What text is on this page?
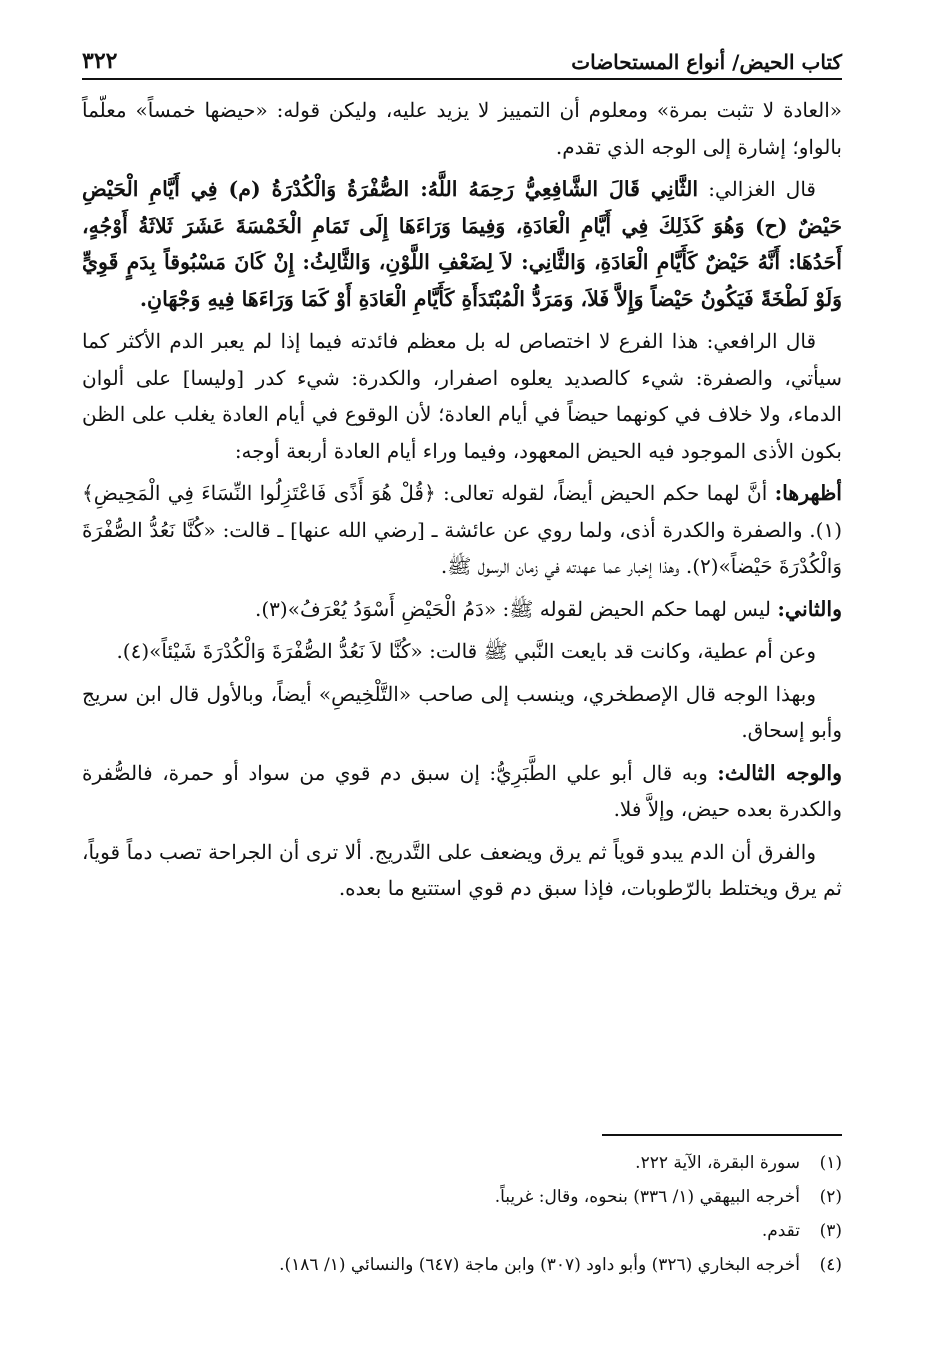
كتاب الحيض/ أنواع المستحاضات
٣٢٢

«العادة لا تثبت بمرة» ومعلوم أن التمييز لا يزيد عليه، وليكن قوله: «حيضها خمساً» معلّماً بالواو؛ إشارة إلى الوجه الذي تقدم.

قال الغزالي: الثَّانِي قَالَ الشَّافِعِيُّ رَحِمَهُ اللَّهُ: الصُّفْرَةُ وَالْكُدْرَةُ (م) فِي أَيَّامِ الْحَيْضِ حَيْضٌ (ح) وَهُوَ كَذَلِكَ فِي أَيَّامِ الْعَادَةِ، وَفِيمَا وَرَاءَهَا إِلَى تَمَامِ الْخَمْسَةَ عَشَرَ ثَلاثَةُ أَوْجُهٍ، أَحَدُهَا: أَنَّهُ حَيْضٌ كَأَيَّامِ الْعَادَةِ، وَالثَّانِي: لاَ لِضَعْفِ اللَّوْنِ، وَالثَّالِثُ: إِنْ كَانَ مَسْبُوقاً بِدَمٍ قَوِيٍّ وَلَوْ لَطْخَةً فَيَكُونُ حَيْضاً وَإِلاَّ فَلاَ، وَمَرَدُّ الْمُبْتَدَأَةِ كَأَيَّامِ الْعَادَةِ أَوْ كَمَا وَرَاءَهَا فِيهِ وَجْهَانِ.

قال الرافعي: هذا الفرع لا اختصاص له بل معظم فائدته فيما إذا لم يعبر الدم الأكثر كما سيأتي، والصفرة: شيء كالصديد يعلوه اصفرار، والكدرة: شيء كدر [وليسا] على ألوان الدماء، ولا خلاف في كونهما حيضاً في أيام العادة؛ لأن الوقوع في أيام العادة يغلب على الظن بكون الأذى الموجود فيه الحيض المعهود، وفيما وراء أيام العادة أربعة أوجه:

أظهرها: أنَّ لهما حكم الحيض أيضاً، لقوله تعالى: ﴿قُلْ هُوَ أَذًى فَاعْتَزِلُوا النِّسَاءَ فِي الْمَحِيضِ﴾(١). والصفرة والكدرة أذى، ولما روي عن عائشة ـ [رضي الله عنها] ـ قالت: «كُنَّا نَعُدُّ الصُّفْرَةَ وَالْكُدْرَةَ حَيْضاً»(٢). وهذا إخبار عما عهدته في زمان الرسول ﷺ.

والثاني: ليس لهما حكم الحيض لقوله ﷺ: «دَمُ الْحَيْضِ أَسْوَدُ يُعْرَفُ»(٣).

وعن أم عطية، وكانت قد بايعت النَّبي ﷺ قالت: «كُنَّا لاَ نَعُدُّ الصُّفْرَةَ وَالْكُدْرَةَ شَيْئاً»(٤).

وبهذا الوجه قال الإصطخري، وينسب إلى صاحب «التَّلْخِيصِ» أيضاً، وبالأول قال ابن سريج وأبو إسحاق.

والوجه الثالث: وبه قال أبو علي الطَّبَرِيُّ: إن سبق دم قوي من سواد أو حمرة، فالصُّفرة والكدرة بعده حيض، وإلاَّ فلا.

والفرق أن الدم يبدو قوياً ثم يرق ويضعف على التَّدريج. ألا ترى أن الجراحة تصب دماً قوياً، ثم يرق ويختلط بالرّطوبات، فإذا سبق دم قوي استتبع ما بعده.

(١)
سورة البقرة، الآية ٢٢٢.
(٢)
أخرجه البيهقي (١/ ٣٣٦) بنحوه، وقال: غريباً.
(٣)
تقدم.
(٤)
أخرجه البخاري (٣٢٦) وأبو داود (٣٠٧) وابن ماجة (٦٤٧) والنسائي (١/ ١٨٦).
